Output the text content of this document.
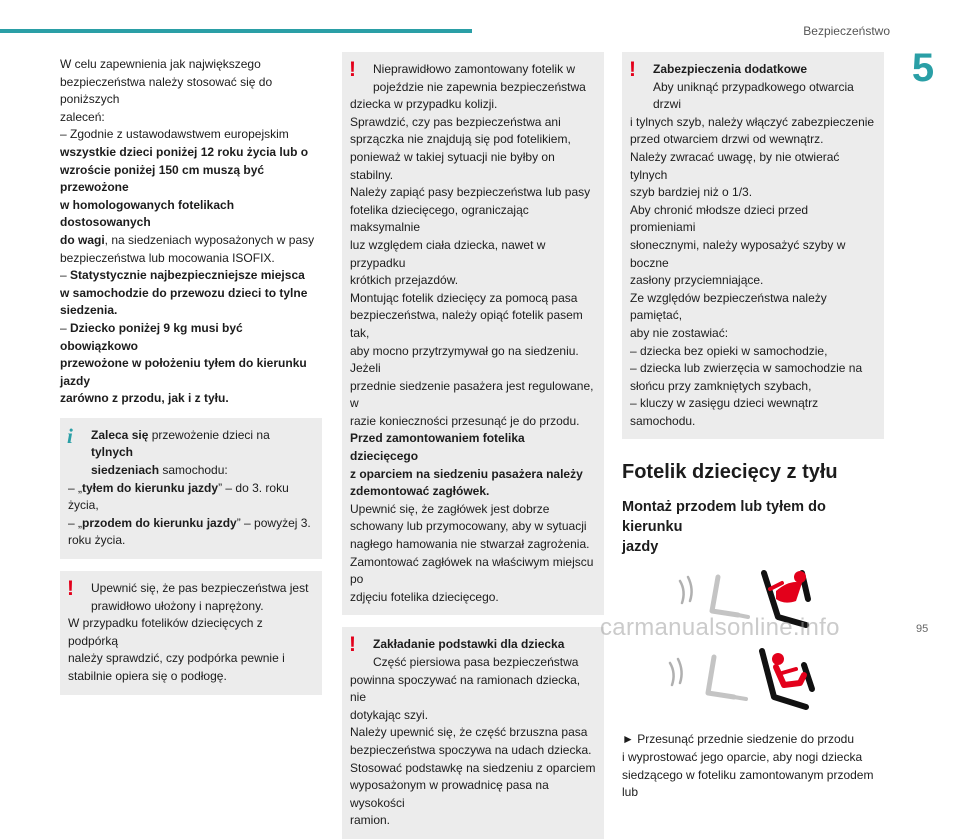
Bezpieczeństwo
5
W celu zapewnienia jak największego
bezpieczeństwa należy stosować się do poniższych
zaleceń:
– Zgodnie z ustawodawstwem europejskim
wszystkie dzieci poniżej 12 roku życia lub o
wzroście poniżej 150 cm muszą być przewożone
w homologowanych fotelikach dostosowanych
do wagi, na siedzeniach wyposażonych w pasy
bezpieczeństwa lub mocowania ISOFIX.
– Statystycznie najbezpieczniejsze miejsca
w samochodzie do przewozu dzieci to tylne
siedzenia.
– Dziecko poniżej 9 kg musi być obowiązkowo
przewożone w położeniu tyłem do kierunku jazdy
zarówno z przodu, jak i z tyłu.
i	Zaleca się przewożenie dzieci na tylnych
siedzeniach samochodu:
– „tyłem do kierunku jazdy” – do 3. roku życia,
– „przodem do kierunku jazdy” – powyżej 3.
roku życia.
!	Upewnić się, że pas bezpieczeństwa jest
prawidłowo ułożony i naprężony.
W przypadku fotelików dziecięcych z podpórką
należy sprawdzić, czy podpórka pewnie i
stabilnie opiera się o podłogę.
!	Nieprawidłowo zamontowany fotelik w
pojeździe nie zapewnia bezpieczeństwa
dziecka w przypadku kolizji.
Sprawdzić, czy pas bezpieczeństwa ani
sprzączka nie znajdują się pod fotelikiem,
ponieważ w takiej sytuacji nie byłby on stabilny.
Należy zapiąć pasy bezpieczeństwa lub pasy
fotelika dziecięcego, ograniczając maksymalnie
luz względem ciała dziecka, nawet w przypadku
krótkich przejazdów.
Montując fotelik dziecięcy za pomocą pasa
bezpieczeństwa, należy opiąć fotelik pasem tak,
aby mocno przytrzymywał go na siedzeniu. Jeżeli
przednie siedzenie pasażera jest regulowane, w
razie konieczności przesunąć je do przodu.
Przed zamontowaniem fotelika dziecięcego
z oparciem na siedzeniu pasażera należy
zdemontować zagłówek.
Upewnić się, że zagłówek jest dobrze
schowany lub przymocowany, aby w sytuacji
nagłego hamowania nie stwarzał zagrożenia.
Zamontować zagłówek na właściwym miejscu po
zdjęciu fotelika dziecięcego.
!	Zakładanie podstawki dla dziecka
Część piersiowa pasa bezpieczeństwa
powinna spoczywać na ramionach dziecka, nie
dotykając szyi.
Należy upewnić się, że część brzuszna pasa
bezpieczeństwa spoczywa na udach dziecka.
Stosować podstawkę na siedzeniu z oparciem
wyposażonym w prowadnicę pasa na wysokości
ramion.
!	Zabezpieczenia dodatkowe
Aby uniknąć przypadkowego otwarcia drzwi
i tylnych szyb, należy włączyć zabezpieczenie
przed otwarciem drzwi od wewnątrz.
Należy zwracać uwagę, by nie otwierać tylnych
szyb bardziej niż o 1/3.
Aby chronić młodsze dzieci przed promieniami
słonecznymi, należy wyposażyć szyby w boczne
zasłony przyciemniające.
Ze względów bezpieczeństwa należy pamiętać,
aby nie zostawiać:
– dziecka bez opieki w samochodzie,
– dziecka lub zwierzęcia w samochodzie na
słońcu przy zamkniętych szybach,
– kluczy w zasięgu dzieci wewnątrz samochodu.
Fotelik dziecięcy z tyłu
Montaż przodem lub tyłem do kierunku
jazdy
► Przesunąć przednie siedzenie do przodu
i wyprostować jego oparcie, aby nogi dziecka
siedzącego w foteliku zamontowanym przodem lub
carmanualsonline.info	95
